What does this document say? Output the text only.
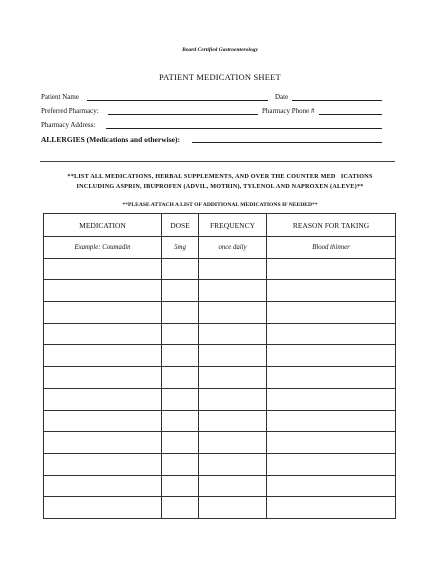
Board Certified Gastroenterology
PATIENT MEDICATION SHEET
Patient Name	Date
Preferred Pharmacy:	Pharmacy Phone #
Pharmacy Address:
ALLERGIES (Medications and otherwise):
**LIST ALL MEDICATIONS, HERBAL SUPPLEMENTS, AND OVER THE COUNTER MED   ICATIONS
INCLUDING ASPRIN, IBUPROFEN (ADVIL, MOTRIN), TYLENOL AND NAPROXEN (ALEVE)**
**PLEASE ATTACH A LIST OF ADDITIONAL MEDICATIONS IF NEEDED**
MEDICATION	DOSE	FREQUENCY	REASON FOR TAKING
Example: Coumadin	5mg	once daily	Blood thinner
